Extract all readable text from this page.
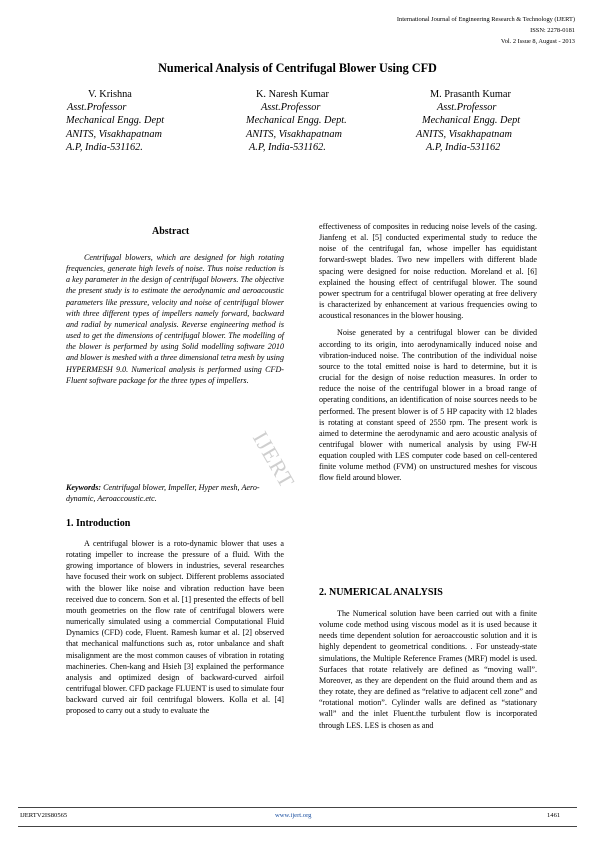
International Journal of Engineering Research & Technology (IJERT)
ISSN: 2278-0181
Vol. 2 Issue 8, August - 2013
Numerical Analysis of Centrifugal Blower Using CFD
V. Krishna
Asst.Professor
Mechanical Engg. Dept
ANITS, Visakhapatnam
A.P, India-531162.
K. Naresh Kumar
Asst.Professor
Mechanical Engg. Dept.
ANITS, Visakhapatnam
A.P, India-531162.
M. Prasanth Kumar
Asst.Professor
Mechanical Engg. Dept
ANITS, Visakhapatnam
A.P, India-531162
Abstract

Centrifugal blowers, which are designed for high rotating frequencies, generate high levels of noise. Thus noise reduction is a key parameter in the design of centrifugal blowers. The objective the present study is to estimate the aerodynamic and aeroacoustic parameters like pressure, velocity and noise of centrifugal blower with three different types of impellers namely forward, backward and radial by numerical analysis. Reverse engineering method is used to get the dimensions of centrifugal blower. The modelling of the blower is performed by using Solid modelling software 2010 and blower is meshed with a three dimensional tetra mesh by using HYPERMESH 9.0. Numerical analysis is performed using CFD-Fluent software package for the three types of impellers.

Keywords: Centrifugal blower, Impeller, Hyper mesh, Aero-dynamic, Aeroaccoustic.etc.
1. Introduction

A centrifugal blower is a roto-dynamic blower that uses a rotating impeller to increase the pressure of a fluid. With the growing importance of blowers in industries, several researches have focused their work on subject. Different problems associated with the blower like noise and vibration reduction have been received due to concern. Son et al. [1] presented the effects of bell mouth geometries on the flow rate of centrifugal blowers were numerically simulated using a commercial Computational Fluid Dynamics (CFD) code, Fluent. Ramesh kumar et al. [2] observed that mechanical malfunctions such as, rotor unbalance and shaft misalignment are the most common causes of vibration in rotating machineries. Chen-kang and Hsieh [3] explained the performance analysis and optimized design of backward-curved airfoil centrifugal blower. CFD package FLUENT is used to simulate four backward curved air foil centrifugal blowers. Kolla et al. [4] proposed to carry out a study to evaluate the

effectiveness of composites in reducing noise levels of the casing. Jianfeng et al. [5] conducted experimental study to reduce the noise of the centrifugal fan, whose impeller has equidistant forward-swept blades. Two new impellers with different blade spacing were designed for noise reduction. Moreland et al. [6] explained the housing effect of centrifugal blower. The sound power spectrum for a centrifugal blower operating at free delivery is characterized by enhancement at various frequencies owing to acoustical resonances in the blower housing.

Noise generated by a centrifugal blower can be divided according to its origin, into aerodynamically induced noise and vibration-induced noise. The contribution of the individual noise source to the total emitted noise is hard to determine, but it is crucial for the design of noise reduction measures. In order to reduce the noise of the centrifugal blower in a broad range of operating conditions, an identification of noise sources needs to be performed. The present blower is of 5 HP capacity with 12 blades is rotating at constant speed of 2550 rpm. The present work is aimed to determine the aerodynamic and aero acoustic analysis of centrifugal blower with numerical analysis by using FW-H equation coupled with LES computer code based on cell-centered finite volume method (FVM) on unstructured meshes for viscous flow field around blower.

2. NUMERICAL ANALYSIS

The Numerical solution have been carried out with a finite volume code method using viscous model as it is used because it needs time dependent solution for aeroaccoustic solution and it is highly dependent to geometrical conditions. . For unsteady-state simulations, the Multiple Reference Frames (MRF) model is used. Surfaces that rotate relatively are defined as “moving wall”. Moreover, as they are dependent on the fluid around them and as they rotate, they are defined as “relative to adjacent cell zone” and “rotational motion”. Cylinder walls are defined as “stationary wall” and the inlet Fluent.the turbulent flow is incorporated through LES. LES is chosen as and

IJERT
IJERTV2IS80565	www.ijert.org	1461
